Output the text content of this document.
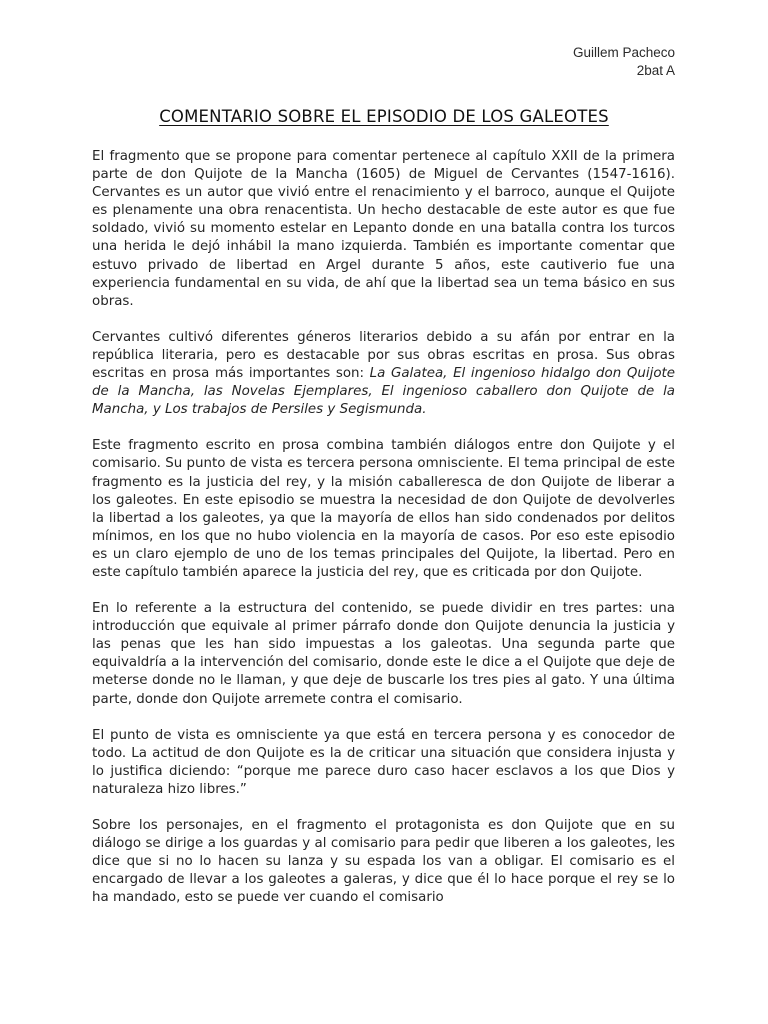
Guillem Pacheco
2bat A
COMENTARIO SOBRE EL EPISODIO DE LOS GALEOTES

El fragmento que se propone para comentar pertenece al capítulo XXII de la primera parte de don Quijote de la Mancha (1605) de Miguel de Cervantes (1547-1616). Cervantes es un autor que vivió entre el renacimiento y el barroco, aunque el Quijote es plenamente una obra renacentista. Un hecho destacable de este autor es que fue soldado, vivió su momento estelar en Lepanto donde en una batalla contra los turcos una herida le dejó inhábil la mano izquierda. También es importante comentar que estuvo privado de libertad en Argel durante 5 años, este cautiverio fue una experiencia fundamental en su vida, de ahí que la libertad sea un tema básico en sus obras.

Cervantes cultivó diferentes géneros literarios debido a su afán por entrar en la república literaria, pero es destacable por sus obras escritas en prosa. Sus obras escritas en prosa más importantes son: La Galatea, El ingenioso hidalgo don Quijote de la Mancha, las Novelas Ejemplares, El ingenioso caballero don Quijote de la Mancha, y Los trabajos de Persiles y Segismunda.

Este fragmento escrito en prosa combina también diálogos entre don Quijote y el comisario. Su punto de vista es tercera persona omnisciente. El tema principal de este fragmento es la justicia del rey, y la misión caballeresca de don Quijote de liberar a los galeotes. En este episodio se muestra la necesidad de don Quijote de devolverles la libertad a los galeotes, ya que la mayoría de ellos han sido condenados por delitos mínimos, en los que no hubo violencia en la mayoría de casos. Por eso este episodio es un claro ejemplo de uno de los temas principales del Quijote, la libertad. Pero en este capítulo también aparece la justicia del rey, que es criticada por don Quijote.

En lo referente a la estructura del contenido, se puede dividir en tres partes: una introducción que equivale al primer párrafo donde don Quijote denuncia la justicia y las penas que les han sido impuestas a los galeotas. Una segunda parte que equivaldría a la intervención del comisario, donde este le dice a el Quijote que deje de meterse donde no le llaman, y que deje de buscarle los tres pies al gato. Y una última parte, donde don Quijote arremete contra el comisario.

El punto de vista es omnisciente ya que está en tercera persona y es conocedor de todo. La actitud de don Quijote es la de criticar una situación que considera injusta y lo justifica diciendo: “porque me parece duro caso hacer esclavos a los que Dios y naturaleza hizo libres.”

Sobre los personajes, en el fragmento el protagonista es don Quijote que en su diálogo se dirige a los guardas y al comisario para pedir que liberen a los galeotes, les dice que si no lo hacen su lanza y su espada los van a obligar. El comisario es el encargado de llevar a los galeotes a galeras, y dice que él lo hace porque el rey se lo ha mandado, esto se puede ver cuando el comisario
